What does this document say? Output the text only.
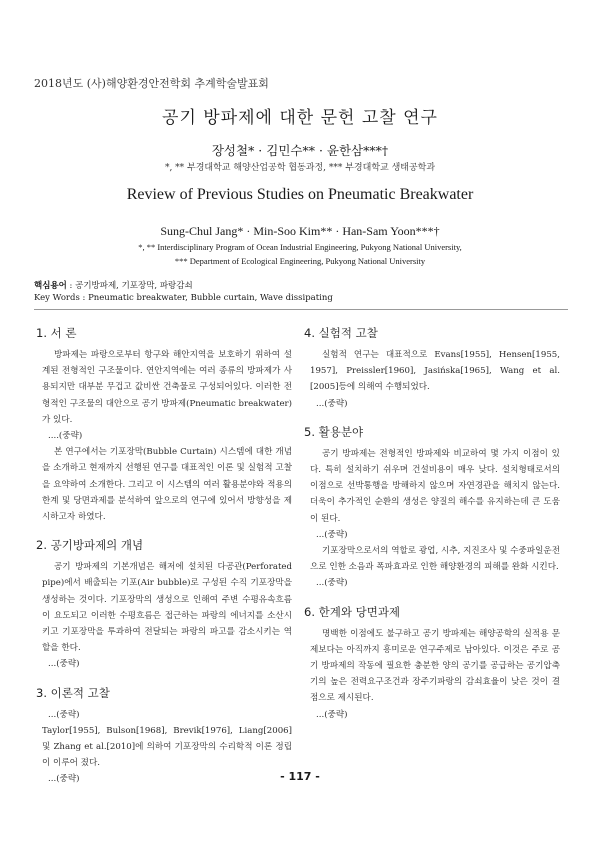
2018년도 (사)해양환경안전학회 추계학술발표회
공기 방파제에 대한 문헌 고찰 연구
장성철* · 김민수** · 윤한삼***†
*, ** 부경대학교 해양산업공학 협동과정, *** 부경대학교 생태공학과
Review of Previous Studies on Pneumatic Breakwater
Sung-Chul Jang* · Min-Soo Kim** · Han-Sam Yoon***†
*, ** Interdisciplinary Program of Ocean Industrial Engineering, Pukyong National University,
*** Department of Ecological Engineering, Pukyong National University
핵심용어 : 공기방파제, 기포장막, 파랑감쇠
Key Words : Pneumatic breakwater, Bubble curtain, Wave dissipating
1. 서 론

방파제는 파랑으로부터 항구와 해안지역을 보호하기 위하여 설계된 전형적인 구조물이다. 연안지역에는 여러 종류의 방파제가 사용되지만 대부분 무겁고 값비싼 건축물로 구성되어있다. 이러한 전형적인 구조물의 대안으로 공기 방파제(Pneumatic breakwater)가 있다.

....(중략)

본 연구에서는 기포장막(Bubble Curtain) 시스템에 대한 개념을 소개하고 현재까지 선행된 연구를 대표적인 이론 및 실험적 고찰을 요약하여 소개한다. 그리고 이 시스템의 여러 활용분야와 적용의 한계 및 당면과제를 분석하여 앞으로의 연구에 있어서 방향성을 제시하고자 하였다.

2. 공기방파제의 개념

공기 방파제의 기본개념은 해저에 설치된 다공관(Perforated pipe)에서 배출되는 기포(Air bubble)로 구성된 수직 기포장막을 생성하는 것이다. 기포장막의 생성으로 인해여 주변 수평유속흐름이 요도되고 이러한 수평흐름은 접근하는 파랑의 에너지를 소산시키고 기포장막을 투과하여 전달되는 파랑의 파고를 감소시키는 역할을 한다.

...(중략)

3. 이론적 고찰

...(중략)

Taylor[1955], Bulson[1968], Brevik[1976], Liang[2006] 및 Zhang et al.[2010]에 의하여 기포장막의 수리학적 이론 정립이 이루어 졌다.

...(중략)

4. 실험적 고찰

실험적 연구는 대표적으로 Evans[1955], Hensen[1955, 1957], Preissler[1960], Jasińska[1965], Wang et al.[2005]등에 의해여 수행되었다.

...(중략)

5. 활용분야

공기 방파제는 전형적인 방파제와 비교하여 몇 가지 이점이 있다. 특히 설치하기 쉬우며 건설비용이 매우 낮다. 설치형태로서의 이점으로 선박통행을 방해하지 않으며 자연경관을 해치지 않는다. 더욱이 추가적인 순환의 생성은 양질의 해수를 유지하는데 큰 도움이 된다.

...(중략)

기포장막으로서의 역할로 광업, 시추, 지진조사 및 수중파일운전으로 인한 소음과 폭파효과로 인한 해양환경의 피해를 완화 시킨다.

...(중략)

6. 한계와 당면과제

명백한 이점에도 불구하고 공기 방파제는 해양공학의 실적용 문제보다는 아직까지 흥미로운 연구주제로 남아있다. 이것은 주로 공기 방파제의 작동에 필요한 충분한 양의 공기를 공급하는 공기압축기의 높은 전력요구조건과 장주기파랑의 감쇠효율이 낮은 것이 결점으로 제시된다.

...(중략)

- 117 -
